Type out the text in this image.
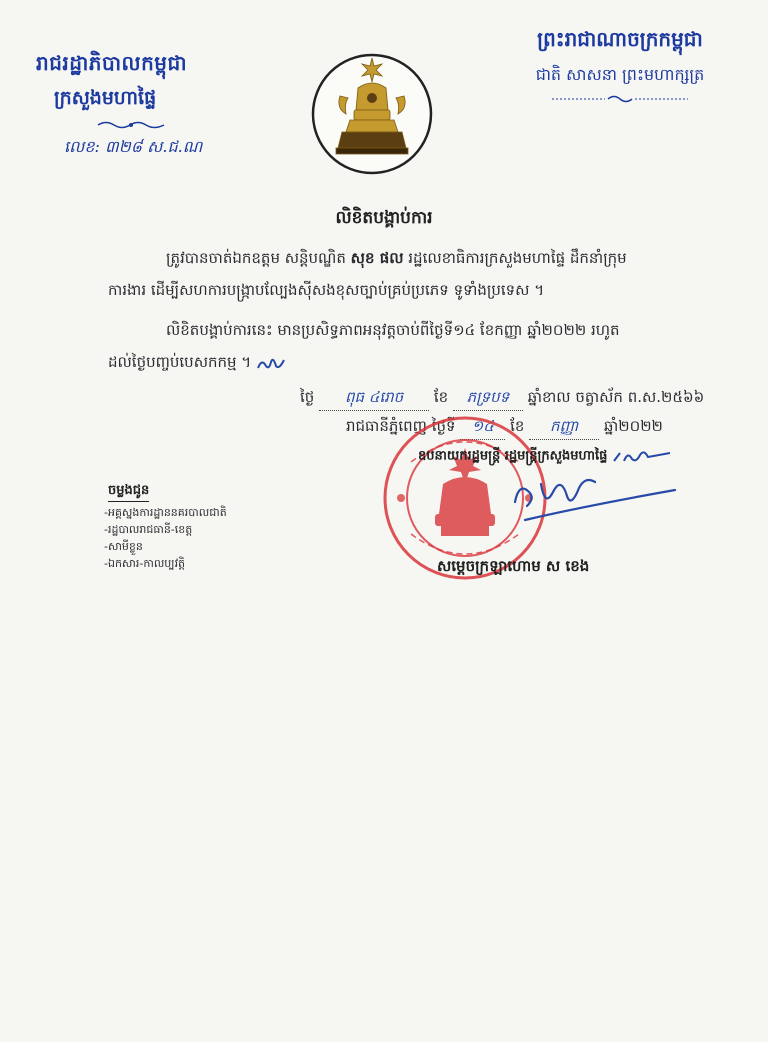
រាជរដ្ឋាភិបាលកម្ពុជា
ក្រសួងមហាផ្ទៃ
លេខ: ៣២៨ ស.ជ.ណ
ព្រះរាជាណាចក្រកម្ពុជា
ជាតិ សាសនា ព្រះមហាក្សត្រ
លិខិតបង្គាប់ការ
ត្រូវបានចាត់ឯកឧត្តម សន្តិបណ្ឌិត សុខ ផល រដ្ឋលេខាធិការក្រសួងមហាផ្ទៃ ដឹកនាំក្រុម
ការងារ ដើម្បីសហការបង្ក្រាបល្បែងស៊ីសងខុសច្បាប់គ្រប់ប្រភេទ ទូទាំងប្រទេស ។
លិខិតបង្គាប់ការនេះ មានប្រសិទ្ធភាពអនុវត្តចាប់ពីថ្ងៃទី១៤ ខែកញ្ញា ឆ្នាំ២០២២ រហូត
ដល់ថ្ងៃបញ្ចប់បេសកកម្ម ។
ថ្ងៃ ពុធ ៤រោច ខែ ភទ្របទ ឆ្នាំខាល ចត្វាស័ក ព.ស.២៥៦៦
រាជធានីភ្នំពេញ ថ្ងៃទី ១៤ ខែ កញ្ញា ឆ្នាំ២០២២
ឧបនាយករដ្ឋមន្ត្រី រដ្ឋមន្ត្រីក្រសួងមហាផ្ទៃ
សម្តេចក្រឡាហោម ស ខេង
ចម្លងជូន
-អគ្គស្នងការដ្ឋាននគរបាលជាតិ
-រដ្ឋបាលរាជធានី-ខេត្ត
-សាមីខ្លួន
-ឯកសារ-កាលប្បវត្តិ
